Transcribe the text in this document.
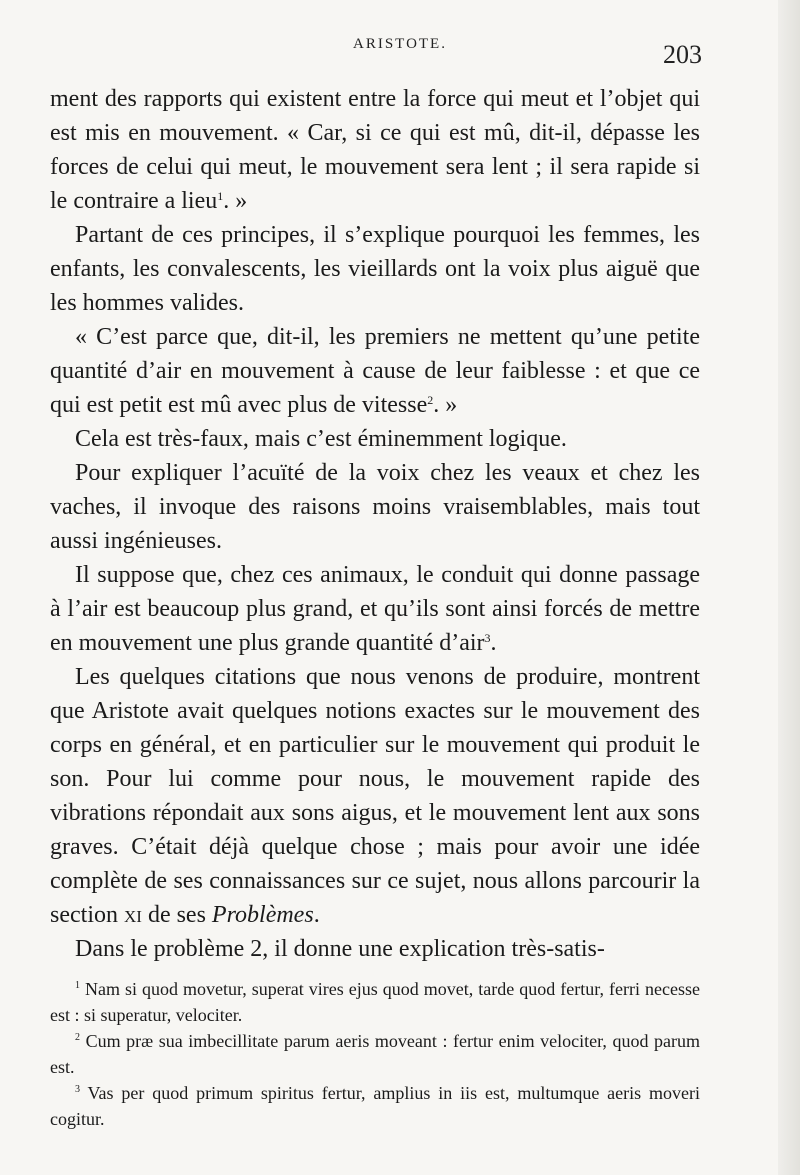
ARISTOTE.	203

ment des rapports qui existent entre la force qui meut et l’objet qui est mis en mouvement. « Car, si ce qui est mû, dit-il, dépasse les forces de celui qui meut, le mouvement sera lent ; il sera rapide si le contraire a lieu$^1$. »

Partant de ces principes, il s’explique pourquoi les femmes, les enfants, les convalescents, les vieillards ont la voix plus aiguë que les hommes valides.

« C’est parce que, dit-il, les premiers ne mettent qu’une petite quantité d’air en mouvement à cause de leur faiblesse : et que ce qui est petit est mû avec plus de vitesse$^2$. »

Cela est très-faux, mais c’est éminemment logique.

Pour expliquer l’acuïté de la voix chez les veaux et chez les vaches, il invoque des raisons moins vraisemblables, mais tout aussi ingénieuses.

Il suppose que, chez ces animaux, le conduit qui donne passage à l’air est beaucoup plus grand, et qu’ils sont ainsi forcés de mettre en mouvement une plus grande quantité d’air$^3$.

Les quelques citations que nous venons de produire, montrent que Aristote avait quelques notions exactes sur le mouvement des corps en général, et en particulier sur le mouvement qui produit le son. Pour lui comme pour nous, le mouvement rapide des vibrations répondait aux sons aigus, et le mouvement lent aux sons graves. C’était déjà quelque chose ; mais pour avoir une idée complète de ses connaissances sur ce sujet, nous allons parcourir la section xi de ses Problèmes.

Dans le problème 2, il donne une explication très-satis-

$^1$ Nam si quod movetur, superat vires ejus quod movet, tarde quod fertur, ferri necesse est : si superatur, velociter.

$^2$ Cum præ sua imbecillitate parum aeris moveant : fertur enim velociter, quod parum est.

$^3$ Vas per quod primum spiritus fertur, amplius in iis est, multumque aeris moveri cogitur.
